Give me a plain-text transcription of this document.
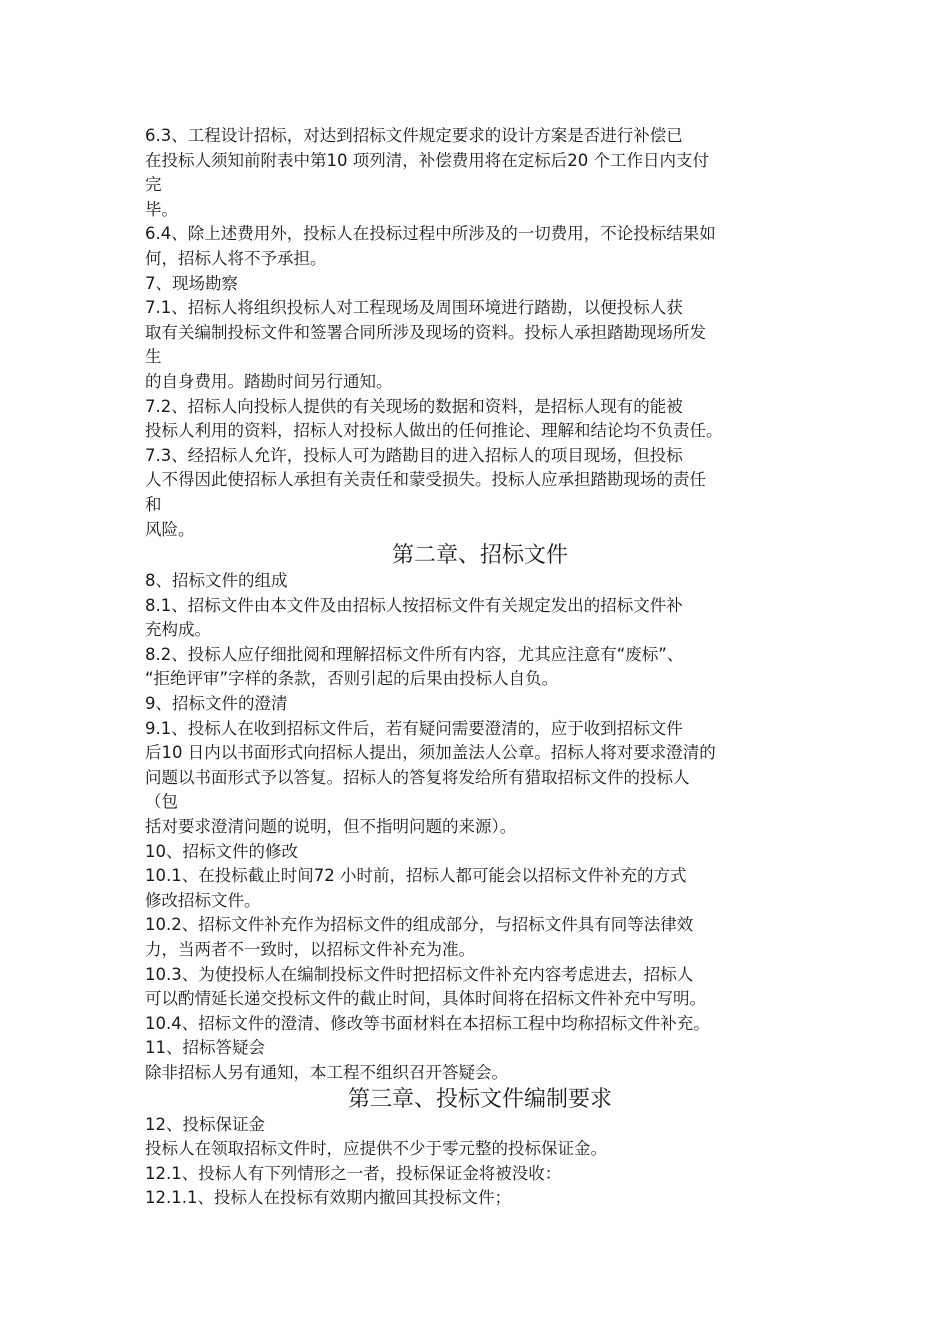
6.3、工程设计招标，对达到招标文件规定要求的设计方案是否进行补偿已
在投标人须知前附表中第10 项列清，补偿费用将在定标后20 个工作日内支付
完
毕。
6.4、除上述费用外，投标人在投标过程中所涉及的一切费用，不论投标结果如
何，招标人将不予承担。
7、现场勘察
7.1、招标人将组织投标人对工程现场及周围环境进行踏勘，以便投标人获
取有关编制投标文件和签署合同所涉及现场的资料。投标人承担踏勘现场所发
生
的自身费用。踏勘时间另行通知。
7.2、招标人向投标人提供的有关现场的数据和资料，是招标人现有的能被
投标人利用的资料，招标人对投标人做出的任何推论、理解和结论均不负责任。
7.3、经招标人允许，投标人可为踏勘目的进入招标人的项目现场，但投标
人不得因此使招标人承担有关责任和蒙受损失。投标人应承担踏勘现场的责任
和
风险。
第二章、招标文件
8、招标文件的组成
8.1、招标文件由本文件及由招标人按招标文件有关规定发出的招标文件补
充构成。
8.2、投标人应仔细批阅和理解招标文件所有内容，尤其应注意有“废标”、
“拒绝评审”字样的条款，否则引起的后果由投标人自负。
9、招标文件的澄清
9.1、投标人在收到招标文件后，若有疑问需要澄清的，应于收到招标文件
后10 日内以书面形式向招标人提出，须加盖法人公章。招标人将对要求澄清的
问题以书面形式予以答复。招标人的答复将发给所有猎取招标文件的投标人
（包
括对要求澄清问题的说明，但不指明问题的来源）。
10、招标文件的修改
10.1、在投标截止时间72 小时前，招标人都可能会以招标文件补充的方式
修改招标文件。
10.2、招标文件补充作为招标文件的组成部分，与招标文件具有同等法律效
力，当两者不一致时，以招标文件补充为准。
10.3、为使投标人在编制投标文件时把招标文件补充内容考虑进去，招标人
可以酌情延长递交投标文件的截止时间，具体时间将在招标文件补充中写明。
10.4、招标文件的澄清、修改等书面材料在本招标工程中均称招标文件补充。
11、招标答疑会
除非招标人另有通知，本工程不组织召开答疑会。
第三章、投标文件编制要求
12、投标保证金
投标人在领取招标文件时，应提供不少于零元整的投标保证金。
12.1、投标人有下列情形之一者，投标保证金将被没收：
12.1.1、投标人在投标有效期内撤回其投标文件；
